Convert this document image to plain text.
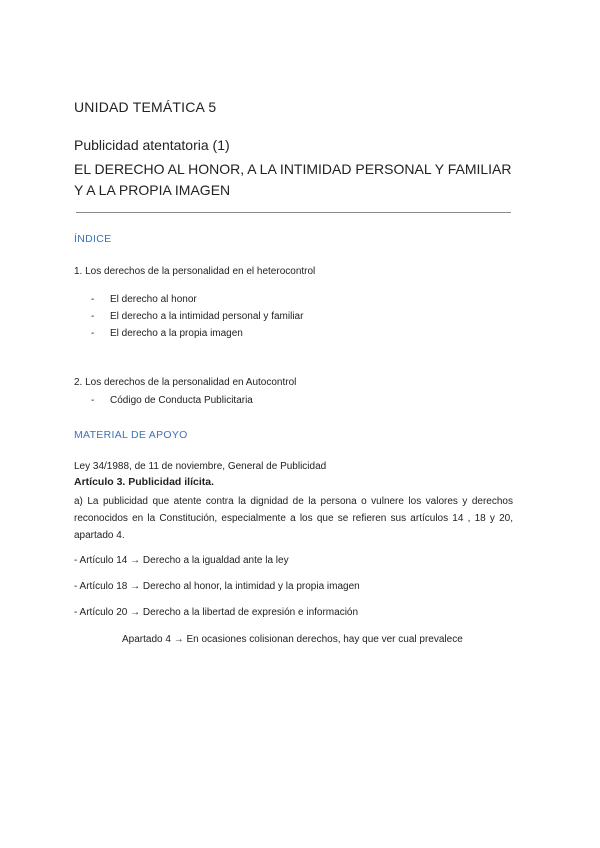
UNIDAD TEMÁTICA 5
Publicidad atentatoria (1)
EL DERECHO AL HONOR, A LA INTIMIDAD PERSONAL Y FAMILIAR Y A LA PROPIA IMAGEN
ÍNDICE
1. Los derechos de la personalidad en el heterocontrol
- El derecho al honor
- El derecho a la intimidad personal y familiar
- El derecho a la propia imagen
2. Los derechos de la personalidad en Autocontrol
- Código de Conducta Publicitaria
MATERIAL DE APOYO
Ley 34/1988, de 11 de noviembre, General de Publicidad
Artículo 3. Publicidad ilícita.
a) La publicidad que atente contra la dignidad de la persona o vulnere los valores y derechos reconocidos en la Constitución, especialmente a los que se refieren sus artículos 14 , 18 y 20, apartado 4.
- Artículo 14 → Derecho a la igualdad ante la ley
- Artículo 18 → Derecho al honor, la intimidad y la propia imagen
- Artículo 20 → Derecho a la libertad de expresión e información
Apartado 4 → En ocasiones colisionan derechos, hay que ver cual prevalece
